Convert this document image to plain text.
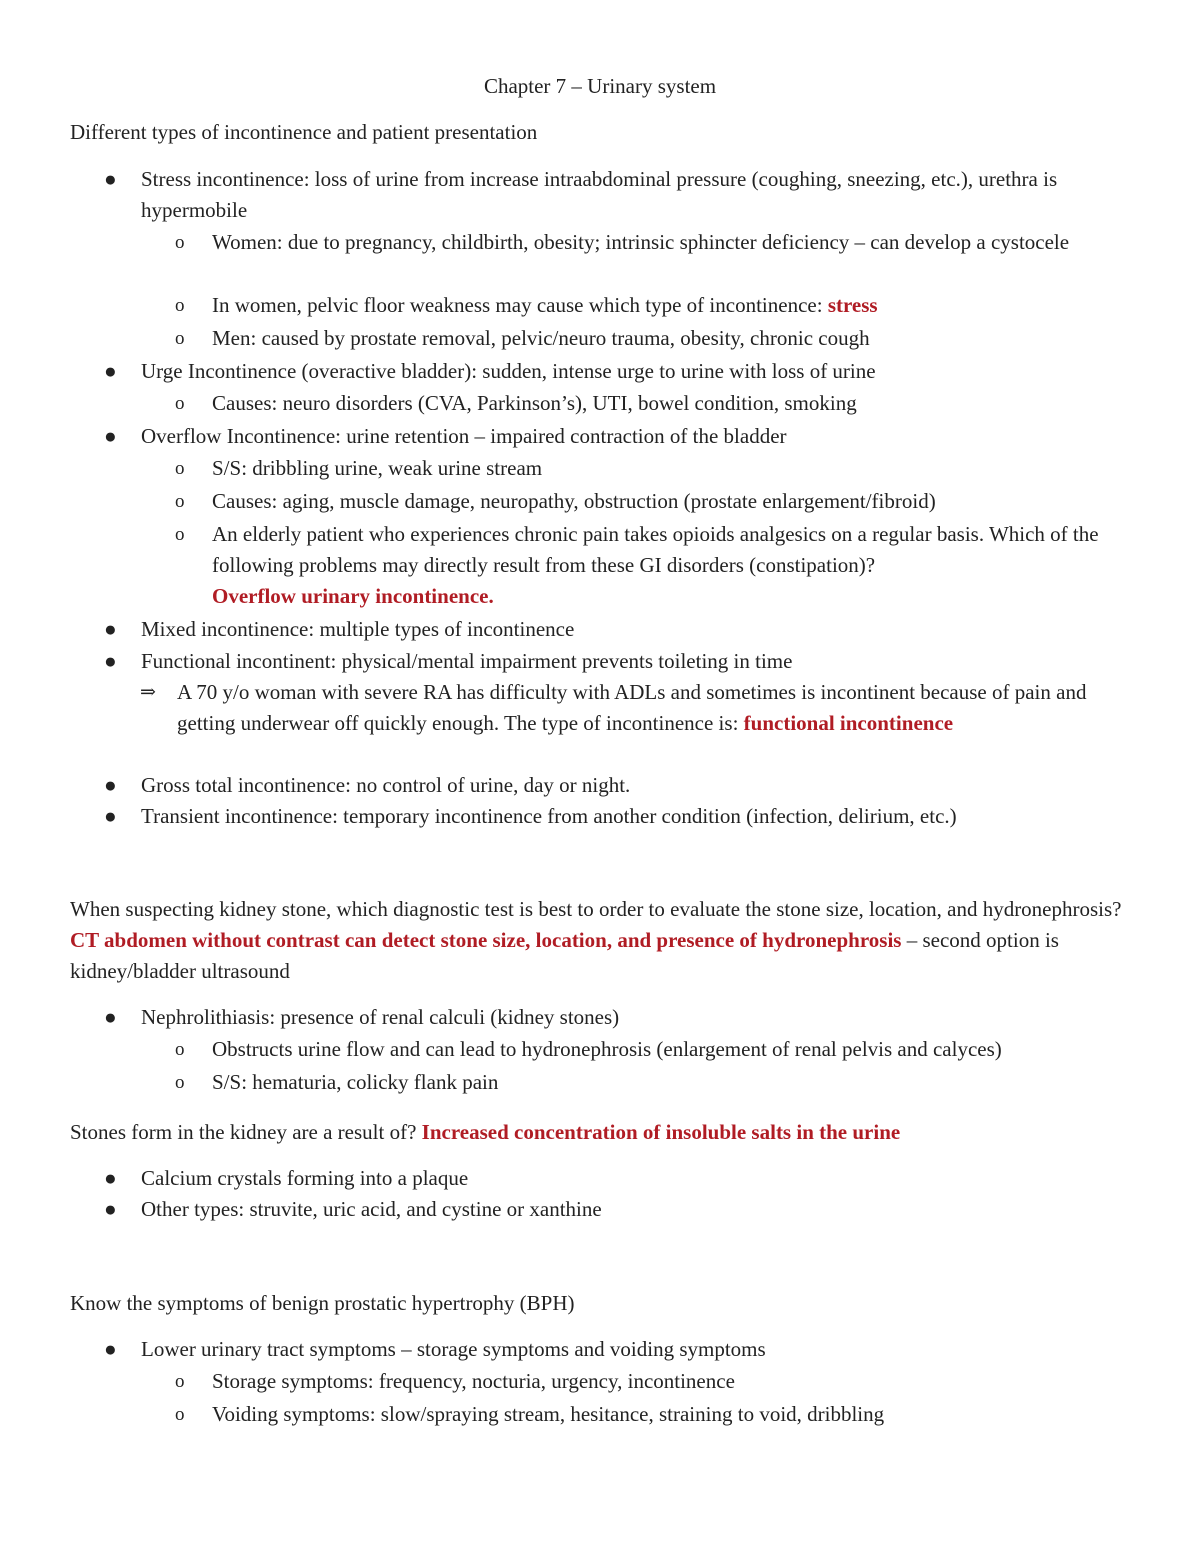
Chapter 7 – Urinary system
Different types of incontinence and patient presentation
● Stress incontinence: loss of urine from increase intraabdominal pressure (coughing, sneezing, etc.), urethra is hypermobile
o Women: due to pregnancy, childbirth, obesity; intrinsic sphincter deficiency – can develop a cystocele
o In women, pelvic floor weakness may cause which type of incontinence: stress
o Men: caused by prostate removal, pelvic/neuro trauma, obesity, chronic cough
● Urge Incontinence (overactive bladder): sudden, intense urge to urine with loss of urine
o Causes: neuro disorders (CVA, Parkinson’s), UTI, bowel condition, smoking
● Overflow Incontinence: urine retention – impaired contraction of the bladder
o S/S: dribbling urine, weak urine stream
o Causes: aging, muscle damage, neuropathy, obstruction (prostate enlargement/fibroid)
o An elderly patient who experiences chronic pain takes opioids analgesics on a regular basis. Which of the following problems may directly result from these GI disorders (constipation)?
Overflow urinary incontinence.
● Mixed incontinence: multiple types of incontinence
● Functional incontinent: physical/mental impairment prevents toileting in time
⇒ A 70 y/o woman with severe RA has difficulty with ADLs and sometimes is incontinent because of pain and getting underwear off quickly enough. The type of incontinence is: functional incontinence
● Gross total incontinence: no control of urine, day or night.
● Transient incontinence: temporary incontinence from another condition (infection, delirium, etc.)
When suspecting kidney stone, which diagnostic test is best to order to evaluate the stone size, location, and hydronephrosis? CT abdomen without contrast can detect stone size, location, and presence of hydronephrosis – second option is kidney/bladder ultrasound
● Nephrolithiasis: presence of renal calculi (kidney stones)
o Obstructs urine flow and can lead to hydronephrosis (enlargement of renal pelvis and calyces)
o S/S: hematuria, colicky flank pain
Stones form in the kidney are a result of? Increased concentration of insoluble salts in the urine
● Calcium crystals forming into a plaque
● Other types: struvite, uric acid, and cystine or xanthine
Know the symptoms of benign prostatic hypertrophy (BPH)
● Lower urinary tract symptoms – storage symptoms and voiding symptoms
o Storage symptoms: frequency, nocturia, urgency, incontinence
o Voiding symptoms: slow/spraying stream, hesitance, straining to void, dribbling
